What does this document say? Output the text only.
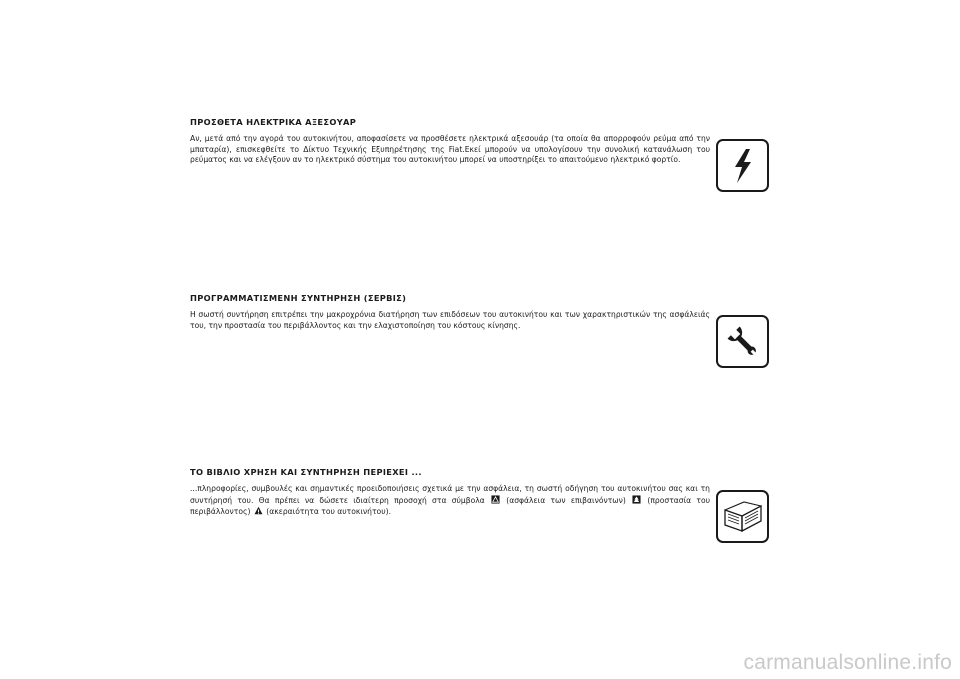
ΠΡΟΣΘΕΤΑ ΗΛΕΚΤΡΙΚΑ ΑΞΕΣΟΥΑΡ

Αν, μετά από την αγορά του αυτοκινήτου, αποφασίσετε να προσθέσετε ηλεκτρικά αξεσουάρ (τα οποία θα απορροφούν ρεύμα από την μπαταρία), επισκεφθείτε το Δίκτυο Τεχνικής Εξυπηρέτησης της Fiat.Εκεί μπορούν να υπολογίσουν την συνολική κατανάλωση του ρεύματος και να ελέγξουν αν το ηλεκτρικό σύστημα του αυτοκινήτου μπορεί να υποστηρίξει το απαιτούμενο ηλεκτρικό φορτίο.

ΠΡΟΓΡΑΜΜΑΤΙΣΜΕΝΗ ΣΥΝΤΗΡΗΣΗ (ΣΕΡΒΙΣ)

Η σωστή συντήρηση επιτρέπει την μακροχρόνια διατήρηση των επιδόσεων του αυτοκινήτου και των χαρακτηριστικών της ασφάλειάς του, την προστασία του περιβάλλοντος και την ελαχιστοποίηση του κόστους κίνησης.

ΤΟ ΒΙΒΛΙΟ ΧΡΗΣΗ ΚΑΙ ΣΥΝΤΗΡΗΣΗ ΠΕΡΙΕΧΕΙ ...

...πληροφορίες, συμβουλές και σημαντικές προειδοποιήσεις σχετικά με την ασφάλεια, τη σωστή οδήγηση του αυτοκινήτου σας και τη συντήρησή του. Θα πρέπει να δώσετε ιδιαίτερη προσοχή στα σύμβολα	(ασφάλεια των επιβαινόντων)	(προστασία του περιβάλλοντος) (ακεραιότητα του αυτοκινήτου).

carmanualsonline.info
